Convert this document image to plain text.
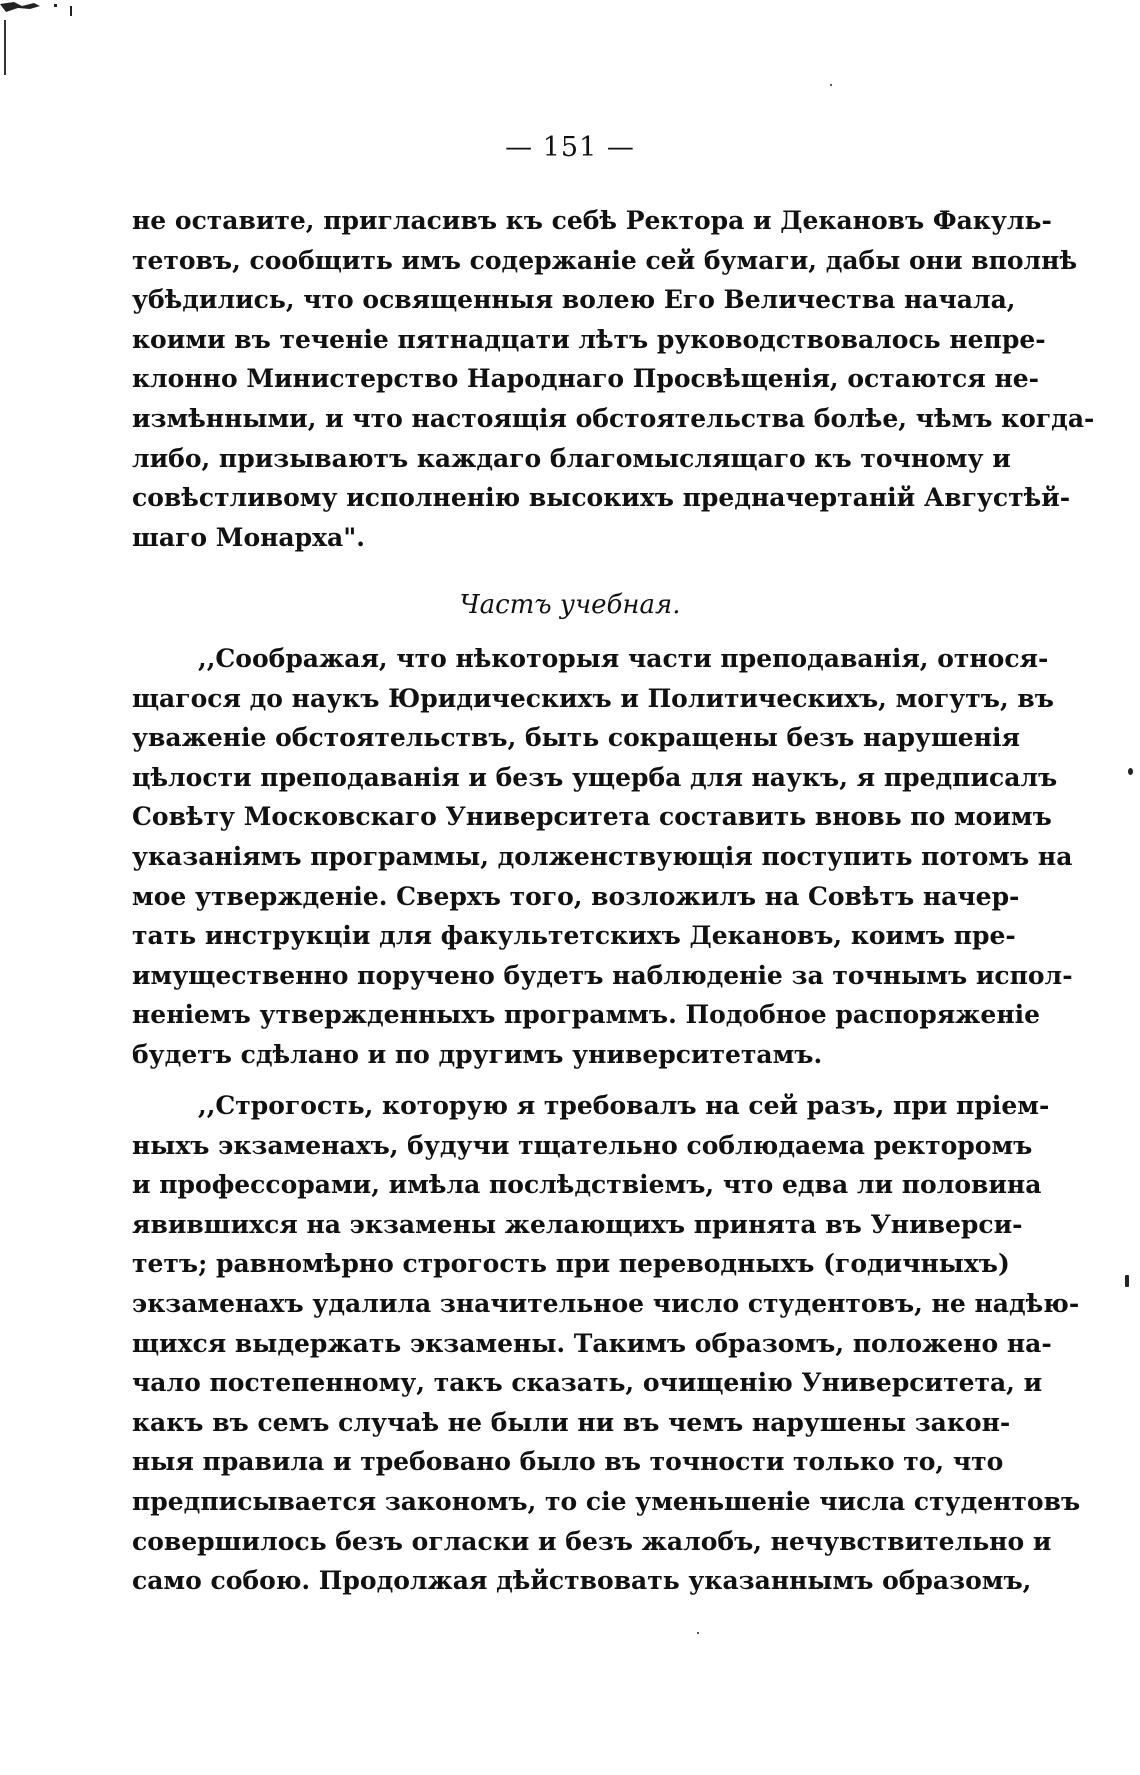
— 151 —
не оставите, пригласивъ къ себѣ Ректора и Декановъ Факуль-
тетовъ, сообщить имъ содержаніе сей бумаги, дабы они вполнѣ
убѣдились, что освященныя волею Его Величества начала,
коими въ теченіе пятнадцати лѣтъ руководствовалось непре-
клонно Министерство Народнаго Просвѣщенія, остаются не-
измѣнными, и что настоящія обстоятельства болѣе, чѣмъ когда-
либо, призываютъ каждаго благомыслящаго къ точному и
совѣстливому исполненію высокихъ предначертаній Августѣй-
шаго Монарха".
Частъ учебная.
,,Соображая, что нѣкоторыя части преподаванія, относя-
щагося до наукъ Юридическихъ и Политическихъ, могутъ, въ
уваженіе обстоятельствъ, быть сокращены безъ нарушенія
цѣлости преподаванія и безъ ущерба для наукъ, я предписалъ
Совѣту Московскаго Университета составить вновь по моимъ
указаніямъ программы, долженствующія поступить потомъ на
мое утвержденіе. Сверхъ того, возложилъ на Совѣтъ начер-
тать инструкціи для факультетскихъ Декановъ, коимъ пре-
имущественно поручено будетъ наблюденіе за точнымъ испол-
неніемъ утвержденныхъ программъ. Подобное распоряженіе
будетъ сдѣлано и по другимъ университетамъ.
,,Строгость, которую я требовалъ на сей разъ, при пріем-
ныхъ экзаменахъ, будучи тщательно соблюдаема ректоромъ
и профессорами, имѣла послѣдствіемъ, что едва ли половина
явившихся на экзамены желающихъ принята въ Универси-
тетъ; равномѣрно строгость при переводныхъ (годичныхъ)
экзаменахъ удалила значительное число студентовъ, не надѣю-
щихся выдержать экзамены. Такимъ образомъ, положено на-
чало постепенному, такъ сказать, очищенію Университета, и
какъ въ семъ случаѣ не были ни въ чемъ нарушены закон-
ныя правила и требовано было въ точности только то, что
предписывается закономъ, то сіе уменьшеніе числа студентовъ
совершилось безъ огласки и безъ жалобъ, нечувствительно и
само собою. Продолжая дѣйствовать указаннымъ образомъ,
